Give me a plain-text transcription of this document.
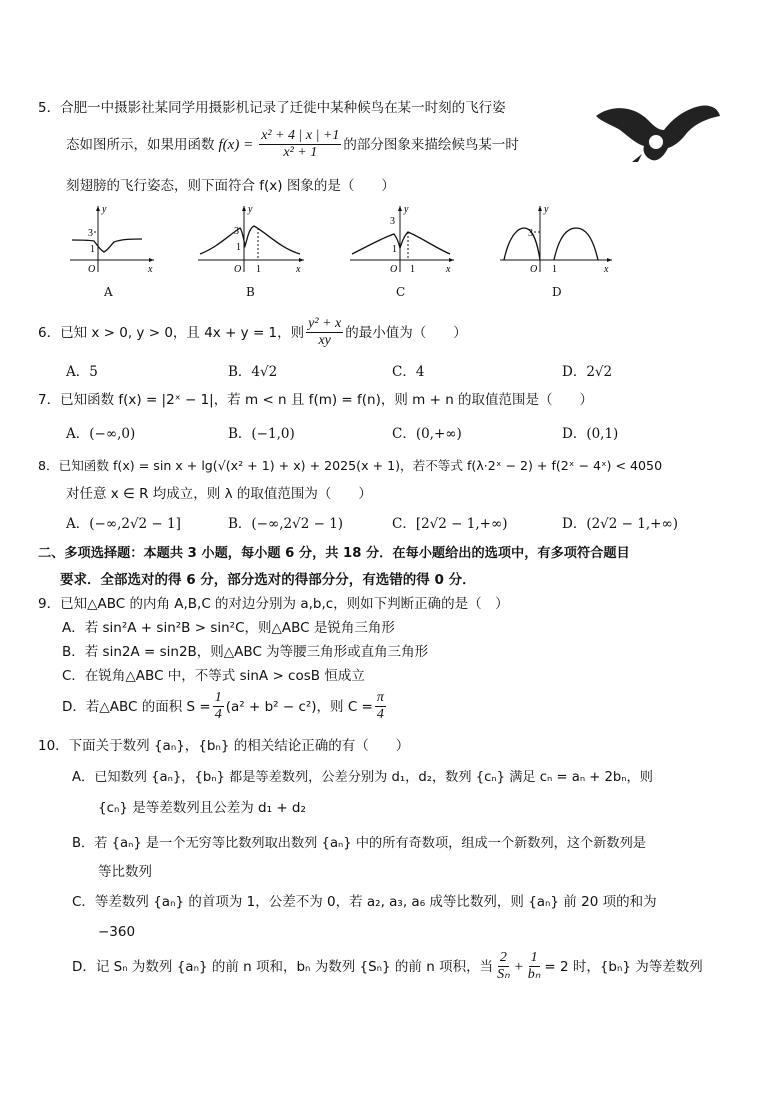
5．合肥一中摄影社某同学用摄影机记录了迁徙中某种候鸟在某一时刻的飞行姿
态如图所示，如果用函数 $f(x) = \frac{\text{x² + 4 | x | +1}}{\text{x² + 1}}$ 的部分图象来描绘候鸟某一时
刻翅膀的飞行姿态，则下面符合 f(x) 图象的是（　　）
y
3
1
O	x
A
y
3
1
O 1	x
B
y
3
1
O 1	x
C
y
3
O 1	x
D
6．已知 x > 0, y > 0，且 4x + y = 1，则 $\frac{\text{y² + x}}{xy}$ 的最小值为（　　）
A．5	B．4√2	C．4	D．2√2
7．已知函数 f(x) = |2ˣ − 1|，若 m < n 且 f(m) = f(n)，则 m + n 的取值范围是（　　）
A．(−∞,0)	B．(−1,0)	C．(0,+∞)	D．(0,1)
8．已知函数 f(x) = sin x + lg(√(x² + 1) + x) + 2025(x + 1)，若不等式 f(λ·2ˣ − 2) + f(2ˣ − 4ˣ) < 4050
对任意 x ∈ R 均成立，则 λ 的取值范围为（　　）
A．(−∞,2√2 − 1]	B．(−∞,2√2 − 1)	C．[2√2 − 1,+∞)	D．(2√2 − 1,+∞)
二、多项选择题：本题共 3 小题，每小题 6 分，共 18 分．在每小题给出的选项中，有多项符合题目
要求．全部选对的得 6 分，部分选对的得部分分，有选错的得 0 分．
9．已知△ABC 的内角 A,B,C 的对边分别为 a,b,c，则如下判断正确的是（　）
A．若 sin²A + sin²B > sin²C，则△ABC 是锐角三角形
B．若 sin2A = sin2B，则△ABC 为等腰三角形或直角三角形
C．在锐角△ABC 中，不等式 sinA > cosB 恒成立
D．若△ABC 的面积 $S = \frac{1}{4} (a^2 + b^2 - c^2)$，则 $C = \frac{\pi}{4}$
10．下面关于数列 {aₙ}，{bₙ} 的相关结论正确的有（　　）
A．已知数列 {aₙ}，{bₙ} 都是等差数列，公差分别为 d₁，d₂，数列 {cₙ} 满足 cₙ = aₙ + 2bₙ，则
{cₙ} 是等差数列且公差为 d₁ + d₂
B．若 {aₙ} 是一个无穷等比数列取出数列 {aₙ} 中的所有奇数项，组成一个新数列，这个新数列是
等比数列
C．等差数列 {aₙ} 的首项为 1，公差不为 0，若 a₂, a₃, a₆ 成等比数列，则 {aₙ} 前 20 项的和为
−360
D．记 Sₙ 为数列 {aₙ} 的前 n 项和，bₙ 为数列 {Sₙ} 的前 n 项积，当 $\frac{2}{\text{Sₙ}} + \frac{1}{\text{bₙ}} = 2$ 时，{bₙ} 为等差数列
